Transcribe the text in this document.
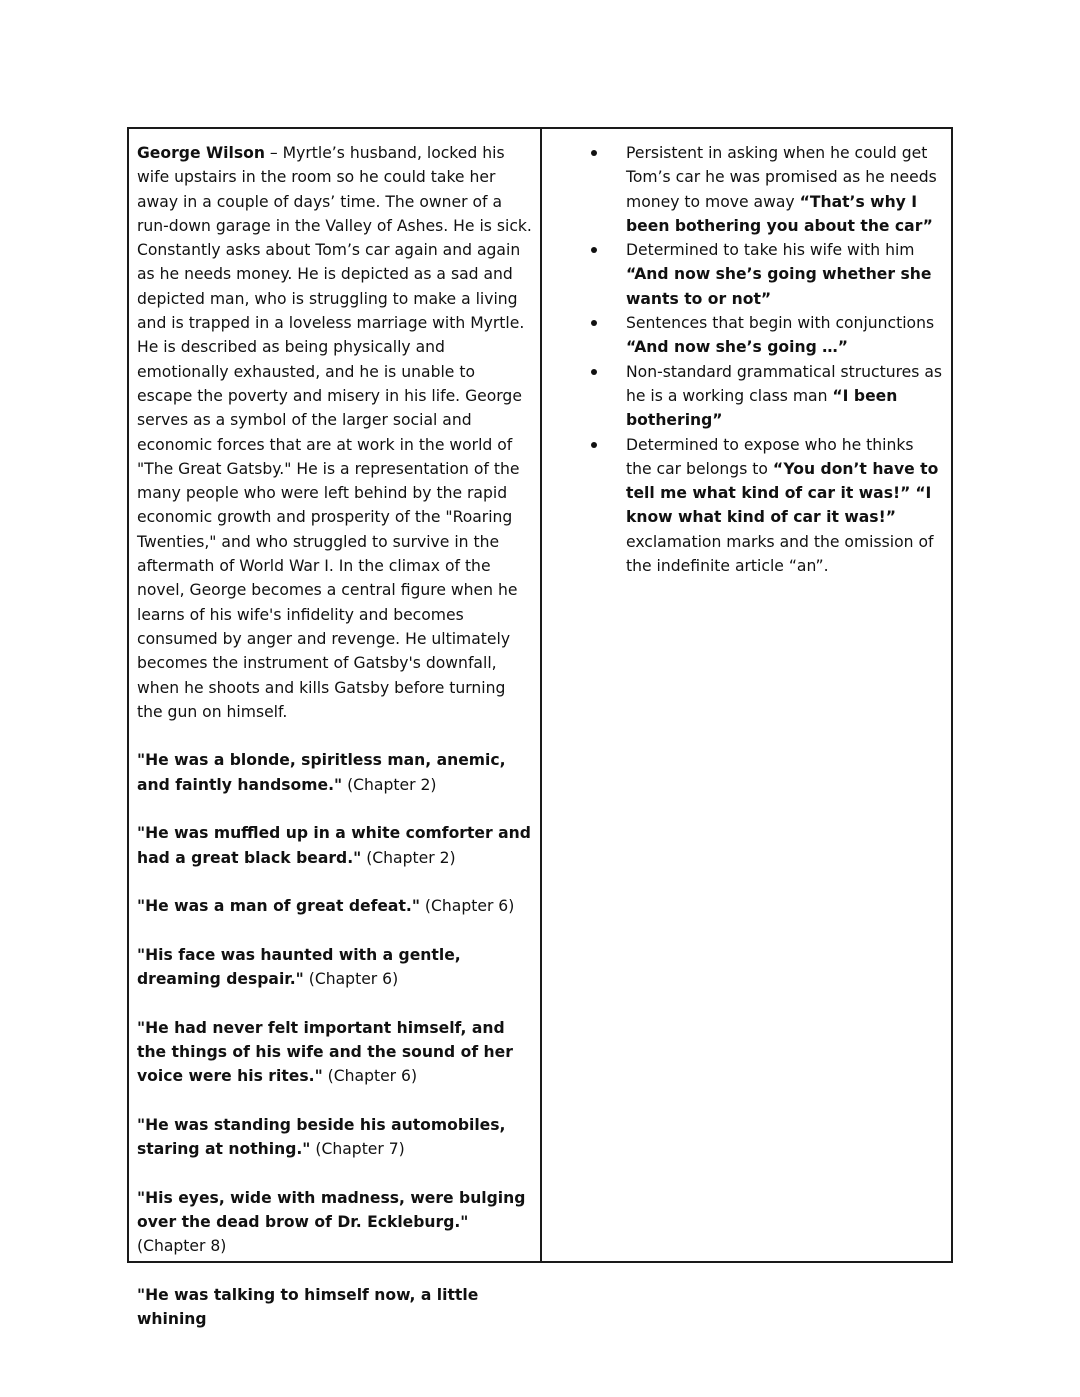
George Wilson – Myrtle’s husband, locked his wife upstairs in the room so he could take her away in a couple of days’ time. The owner of a run-down garage in the Valley of Ashes. He is sick. Constantly asks about Tom’s car again and again as he needs money. He is depicted as a sad and depicted man, who is struggling to make a living and is trapped in a loveless marriage with Myrtle. He is described as being physically and emotionally exhausted, and he is unable to escape the poverty and misery in his life. George serves as a symbol of the larger social and economic forces that are at work in the world of "The Great Gatsby." He is a representation of the many people who were left behind by the rapid economic growth and prosperity of the "Roaring Twenties," and who struggled to survive in the aftermath of World War I. In the climax of the novel, George becomes a central figure when he learns of his wife's infidelity and becomes consumed by anger and revenge. He ultimately becomes the instrument of Gatsby's downfall, when he shoots and kills Gatsby before turning the gun on himself.

"He was a blonde, spiritless man, anemic, and faintly handsome." (Chapter 2)

"He was muffled up in a white comforter and had a great black beard." (Chapter 2)

"He was a man of great defeat." (Chapter 6)

"His face was haunted with a gentle, dreaming despair." (Chapter 6)

"He had never felt important himself, and the things of his wife and the sound of her voice were his rites." (Chapter 6)

"He was standing beside his automobiles, staring at nothing." (Chapter 7)

"His eyes, wide with madness, were bulging over the dead brow of Dr. Eckleburg." (Chapter 8)

"He was talking to himself now, a little whining

Persistent in asking when he could get Tom’s car he was promised as he needs money to move away “That’s why I been bothering you about the car”
Determined to take his wife with him “And now she’s going whether she wants to or not”
Sentences that begin with conjunctions “And now she’s going …”
Non-standard grammatical structures as he is a working class man “I been bothering”
Determined to expose who he thinks the car belongs to “You don’t have to tell me what kind of car it was!” “I know what kind of car it was!” exclamation marks and the omission of the indefinite article “an”.
